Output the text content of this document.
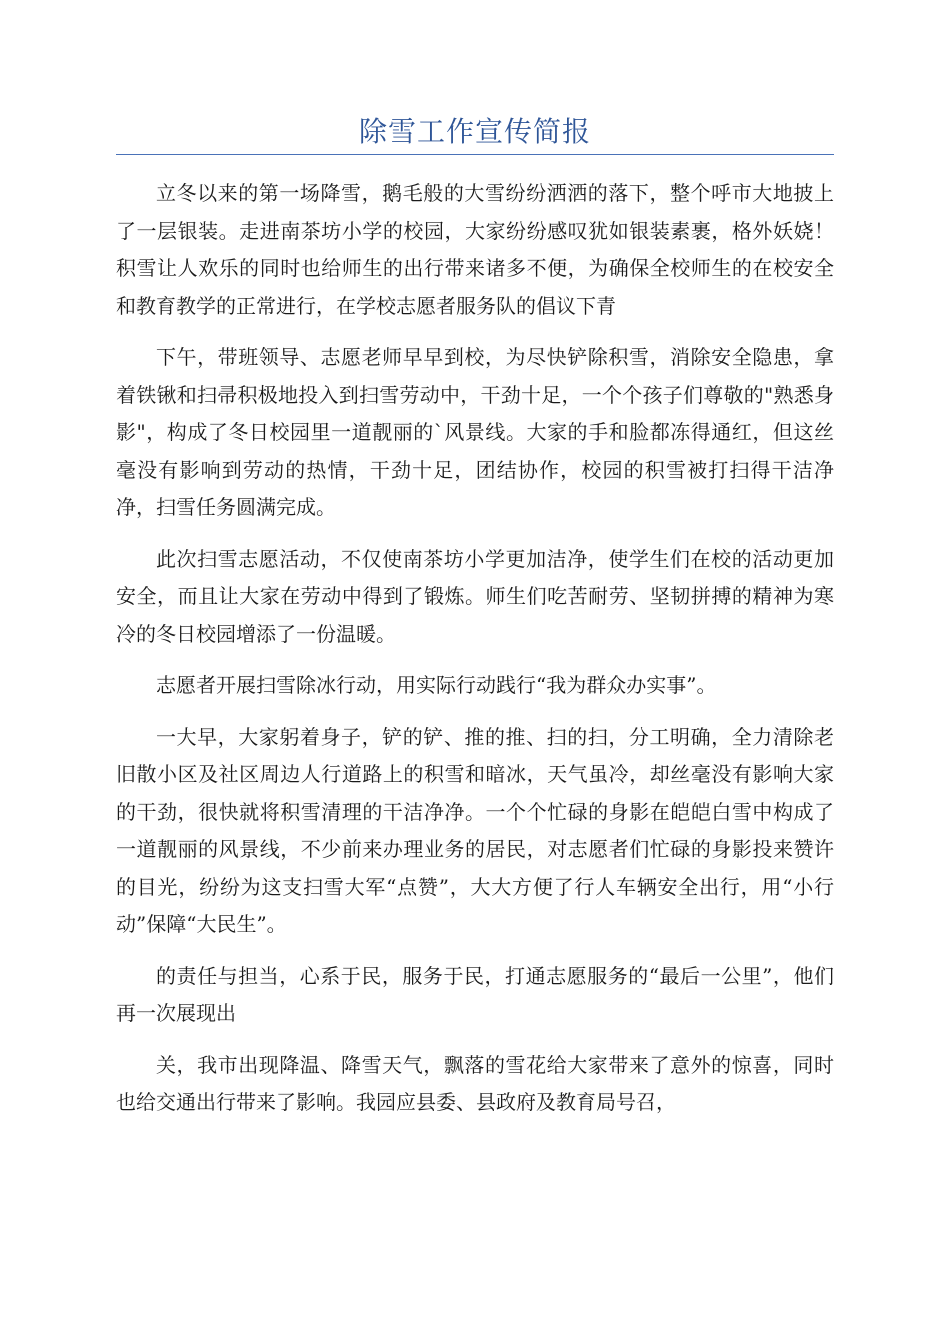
除雪工作宣传简报

立冬以来的第一场降雪，鹅毛般的大雪纷纷洒洒的落下，整个呼市大地披上了一层银装。走进南茶坊小学的校园，大家纷纷感叹犹如银装素裹，格外妖娆！积雪让人欢乐的同时也给师生的出行带来诸多不便，为确保全校师生的在校安全和教育教学的正常进行，在学校志愿者服务队的倡议下青

下午，带班领导、志愿老师早早到校，为尽快铲除积雪，消除安全隐患，拿着铁锹和扫帚积极地投入到扫雪劳动中，干劲十足，一个个孩子们尊敬的"熟悉身影"，构成了冬日校园里一道靓丽的`风景线。大家的手和脸都冻得通红，但这丝毫没有影响到劳动的热情，干劲十足，团结协作，校园的积雪被打扫得干洁净净，扫雪任务圆满完成。

此次扫雪志愿活动，不仅使南茶坊小学更加洁净，使学生们在校的活动更加安全，而且让大家在劳动中得到了锻炼。师生们吃苦耐劳、坚韧拼搏的精神为寒冷的冬日校园增添了一份温暖。

志愿者开展扫雪除冰行动，用实际行动践行“我为群众办实事”。

一大早，大家躬着身子，铲的铲、推的推、扫的扫，分工明确，全力清除老旧散小区及社区周边人行道路上的积雪和暗冰，天气虽冷，却丝毫没有影响大家的干劲，很快就将积雪清理的干洁净净。一个个忙碌的身影在皑皑白雪中构成了一道靓丽的风景线，不少前来办理业务的居民，对志愿者们忙碌的身影投来赞许的目光，纷纷为这支扫雪大军“点赞”，大大方便了行人车辆安全出行，用“小行动”保障“大民生”。

的责任与担当，心系于民，服务于民，打通志愿服务的“最后一公里”，他们再一次展现出

关，我市出现降温、降雪天气，飘落的雪花给大家带来了意外的惊喜，同时也给交通出行带来了影响。我园应县委、县政府及教育局号召，
